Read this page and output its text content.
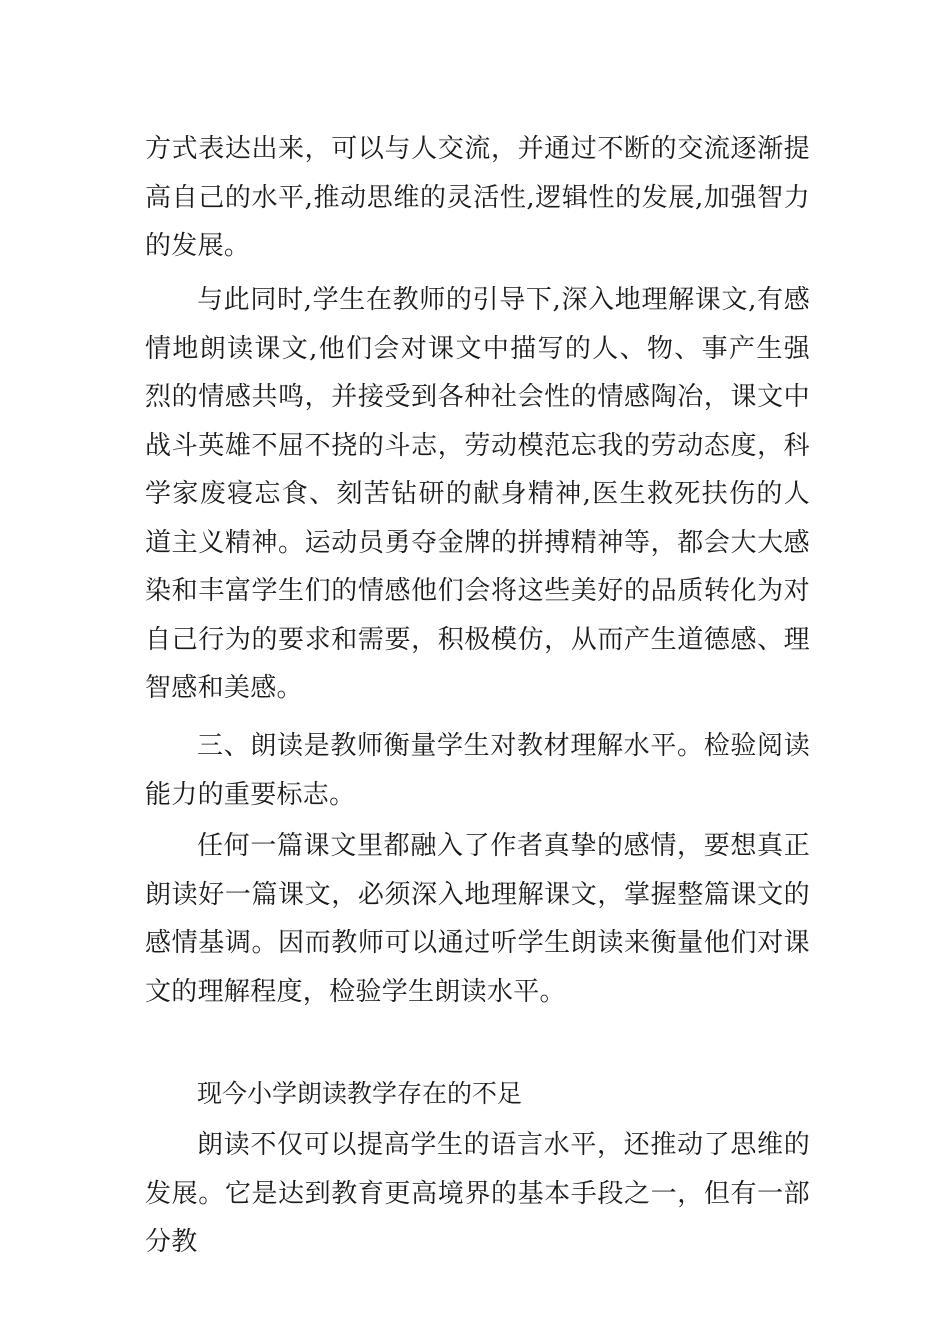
方式表达出来，可以与人交流，并通过不断的交流逐渐提高自己的水平,推动思维的灵活性,逻辑性的发展,加强智力的发展。

与此同时,学生在教师的引导下,深入地理解课文,有感情地朗读课文,他们会对课文中描写的人、物、事产生强烈的情感共鸣，并接受到各种社会性的情感陶冶，课文中战斗英雄不屈不挠的斗志，劳动模范忘我的劳动态度，科学家废寝忘食、刻苦钻研的献身精神,医生救死扶伤的人道主义精神。运动员勇夺金牌的拼搏精神等，都会大大感染和丰富学生们的情感他们会将这些美好的品质转化为对自己行为的要求和需要，积极模仿，从而产生道德感、理智感和美感。

三、朗读是教师衡量学生对教材理解水平。检验阅读能力的重要标志。

任何一篇课文里都融入了作者真挚的感情，要想真正朗读好一篇课文，必须深入地理解课文，掌握整篇课文的感情基调。因而教师可以通过听学生朗读来衡量他们对课文的理解程度，检验学生朗读水平。

现今小学朗读教学存在的不足

朗读不仅可以提高学生的语言水平，还推动了思维的发展。它是达到教育更高境界的基本手段之一，但有一部分教
